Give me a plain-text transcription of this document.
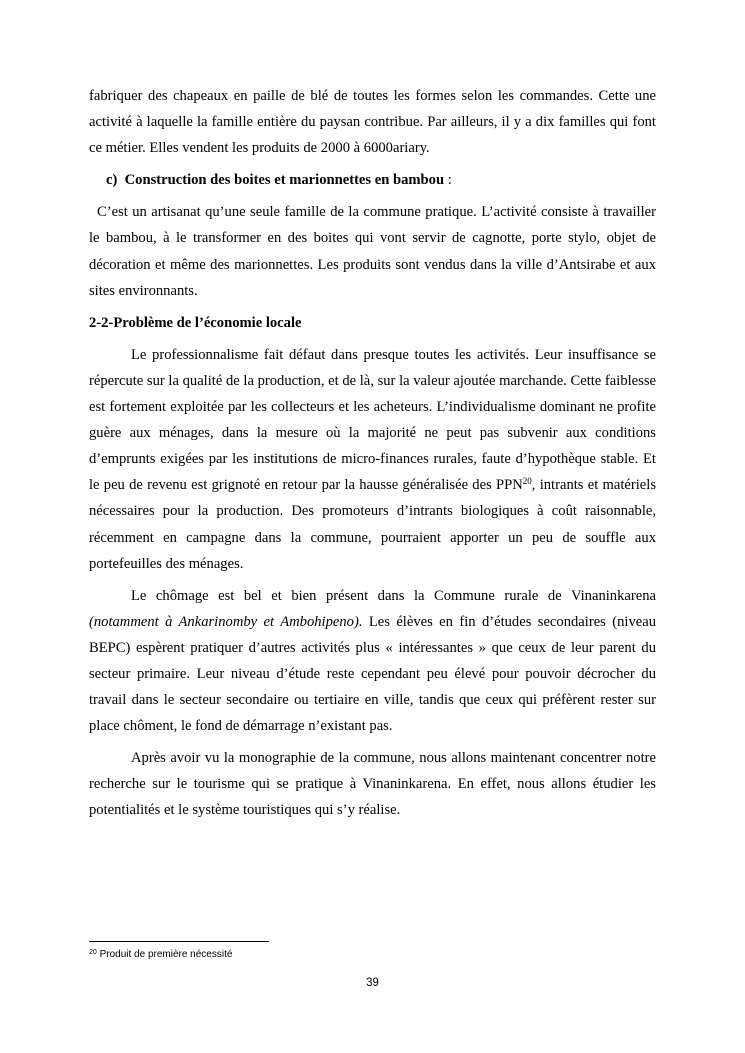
fabriquer des chapeaux en paille de blé de toutes les formes selon les commandes. Cette une activité à laquelle la famille entière du paysan contribue. Par ailleurs, il y a dix familles qui font ce métier. Elles vendent les produits de 2000 à 6000ariary.

c) Construction des boites et marionnettes en bambou :

C’est un artisanat qu’une seule famille de la commune pratique. L’activité consiste à travailler le bambou, à le transformer en des boites qui vont servir de cagnotte, porte stylo, objet de décoration et même des marionnettes. Les produits sont vendus dans la ville d’Antsirabe et aux sites environnants.

2-2-Problème de l’économie locale

Le professionnalisme fait défaut dans presque toutes les activités. Leur insuffisance se répercute sur la qualité de la production, et de là, sur la valeur ajoutée marchande. Cette faiblesse est fortement exploitée par les collecteurs et les acheteurs. L’individualisme dominant ne profite guère aux ménages, dans la mesure où la majorité ne peut pas subvenir aux conditions d’emprunts exigées par les institutions de micro-finances rurales, faute d’hypothèque stable. Et le peu de revenu est grignoté en retour par la hausse généralisée des PPN$^{20}$, intrants et matériels nécessaires pour la production. Des promoteurs d’intrants biologiques à coût raisonnable, récemment en campagne dans la commune, pourraient apporter un peu de souffle aux portefeuilles des ménages.

Le chômage est bel et bien présent dans la Commune rurale de Vinaninkarena (notamment à Ankarinomby et Ambohipeno). Les élèves en fin d’études secondaires (niveau BEPC) espèrent pratiquer d’autres activités plus « intéressantes » que ceux de leur parent du secteur primaire. Leur niveau d’étude reste cependant peu élevé pour pouvoir décrocher du travail dans le secteur secondaire ou tertiaire en ville, tandis que ceux qui préfèrent rester sur place chôment, le fond de démarrage n’existant pas.

Après avoir vu la monographie de la commune, nous allons maintenant concentrer notre recherche sur le tourisme qui se pratique à Vinaninkarena. En effet, nous allons étudier les potentialités et le système touristiques qui s’y réalise.

$^{20}$ Produit de première nécessité
39
